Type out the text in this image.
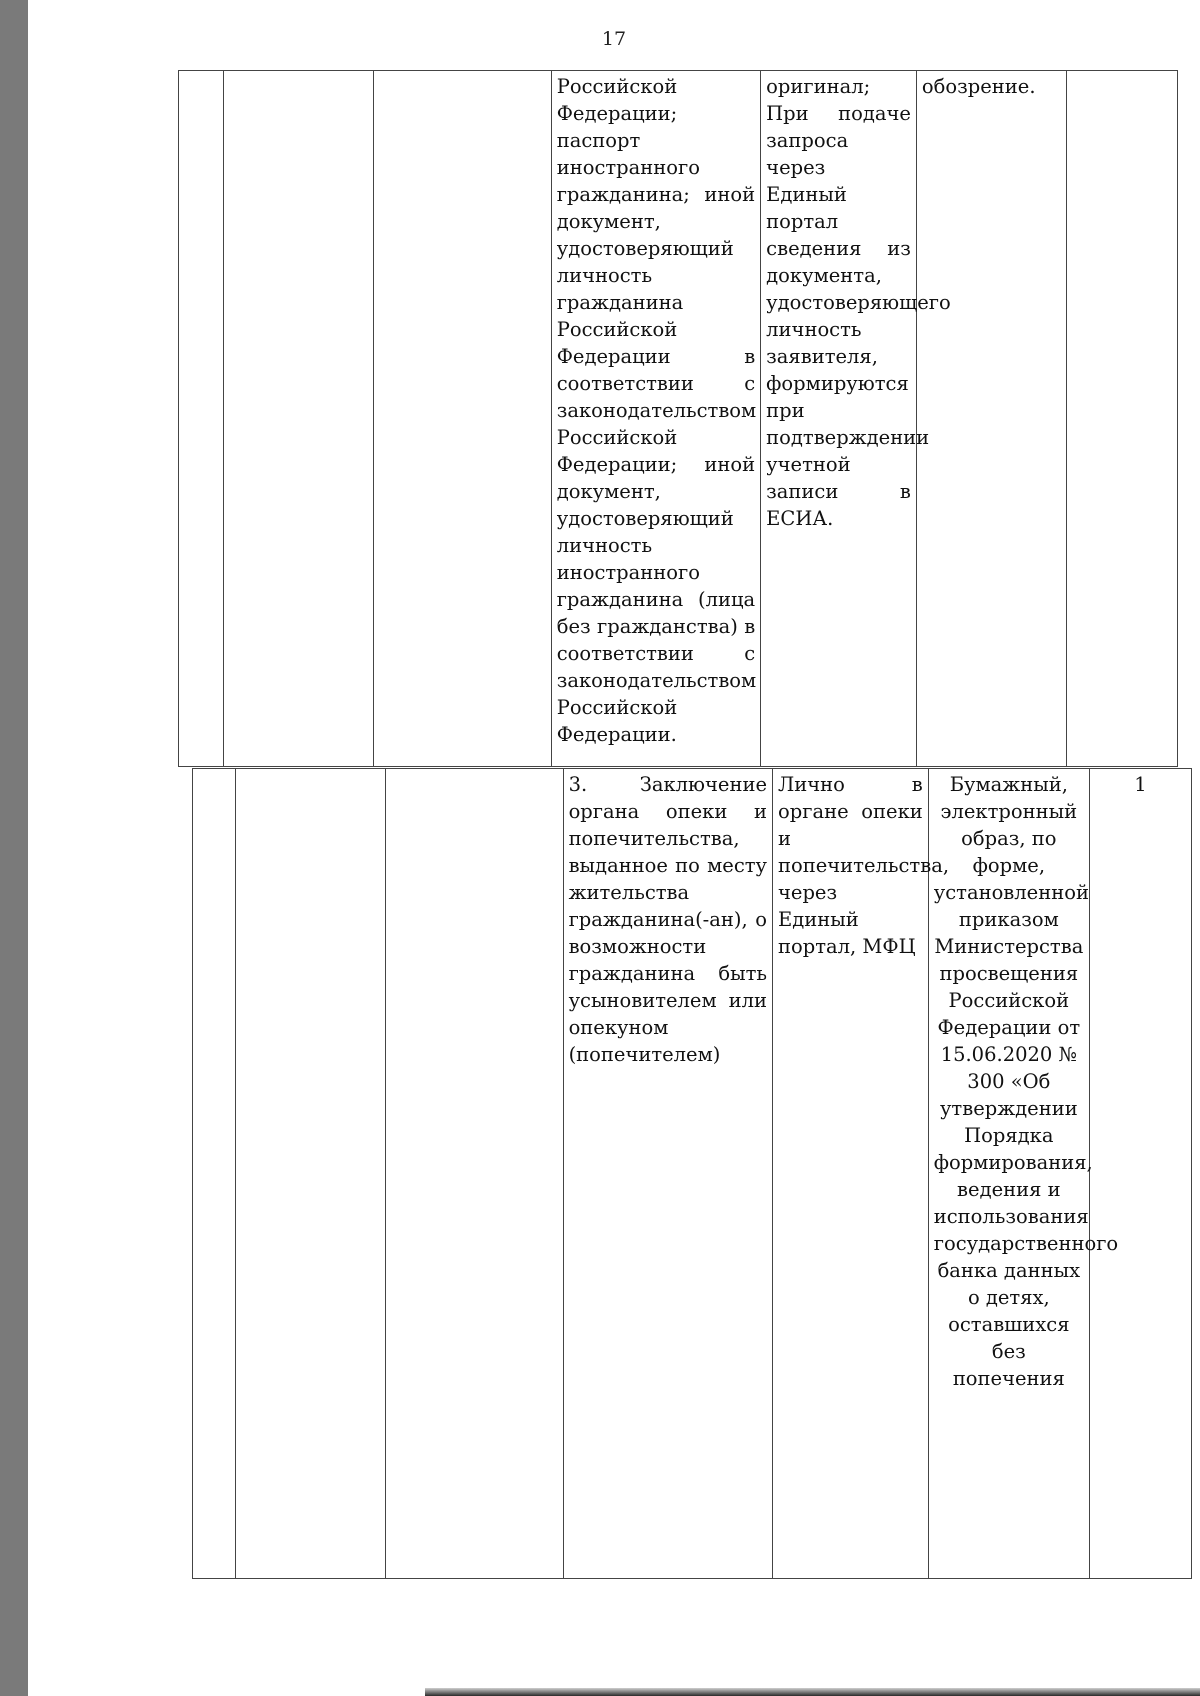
17
			Российской Федерации; паспорт иностранного гражданина; иной документ, удостоверяющий личность гражданина Российской Федерации в соответствии с законодательством Российской Федерации; иной документ, удостоверяющий личность иностранного гражданина (лица без гражданства) в соответствии с законодательством Российской Федерации.	оригинал; При подаче запроса через Единый портал сведения из документа, удостоверяющего личность заявителя, формируются при подтверждении учетной записи в ЕСИА.	обозрение.	
			3. Заключение органа опеки и попечительства, выданное по месту жительства гражданина(-ан), о возможности гражданина быть усыновителем или опекуном (попечителем)	Лично в органе опеки и попечительства, через Единый портал, МФЦ	Бумажный, электронный образ, по форме, установленной приказом Министерства просвещения Российской Федерации от 15.06.2020 № 300 «Об утверждении Порядка формирования, ведения и использования государственного банка данных о детях, оставшихся без попечения	1
